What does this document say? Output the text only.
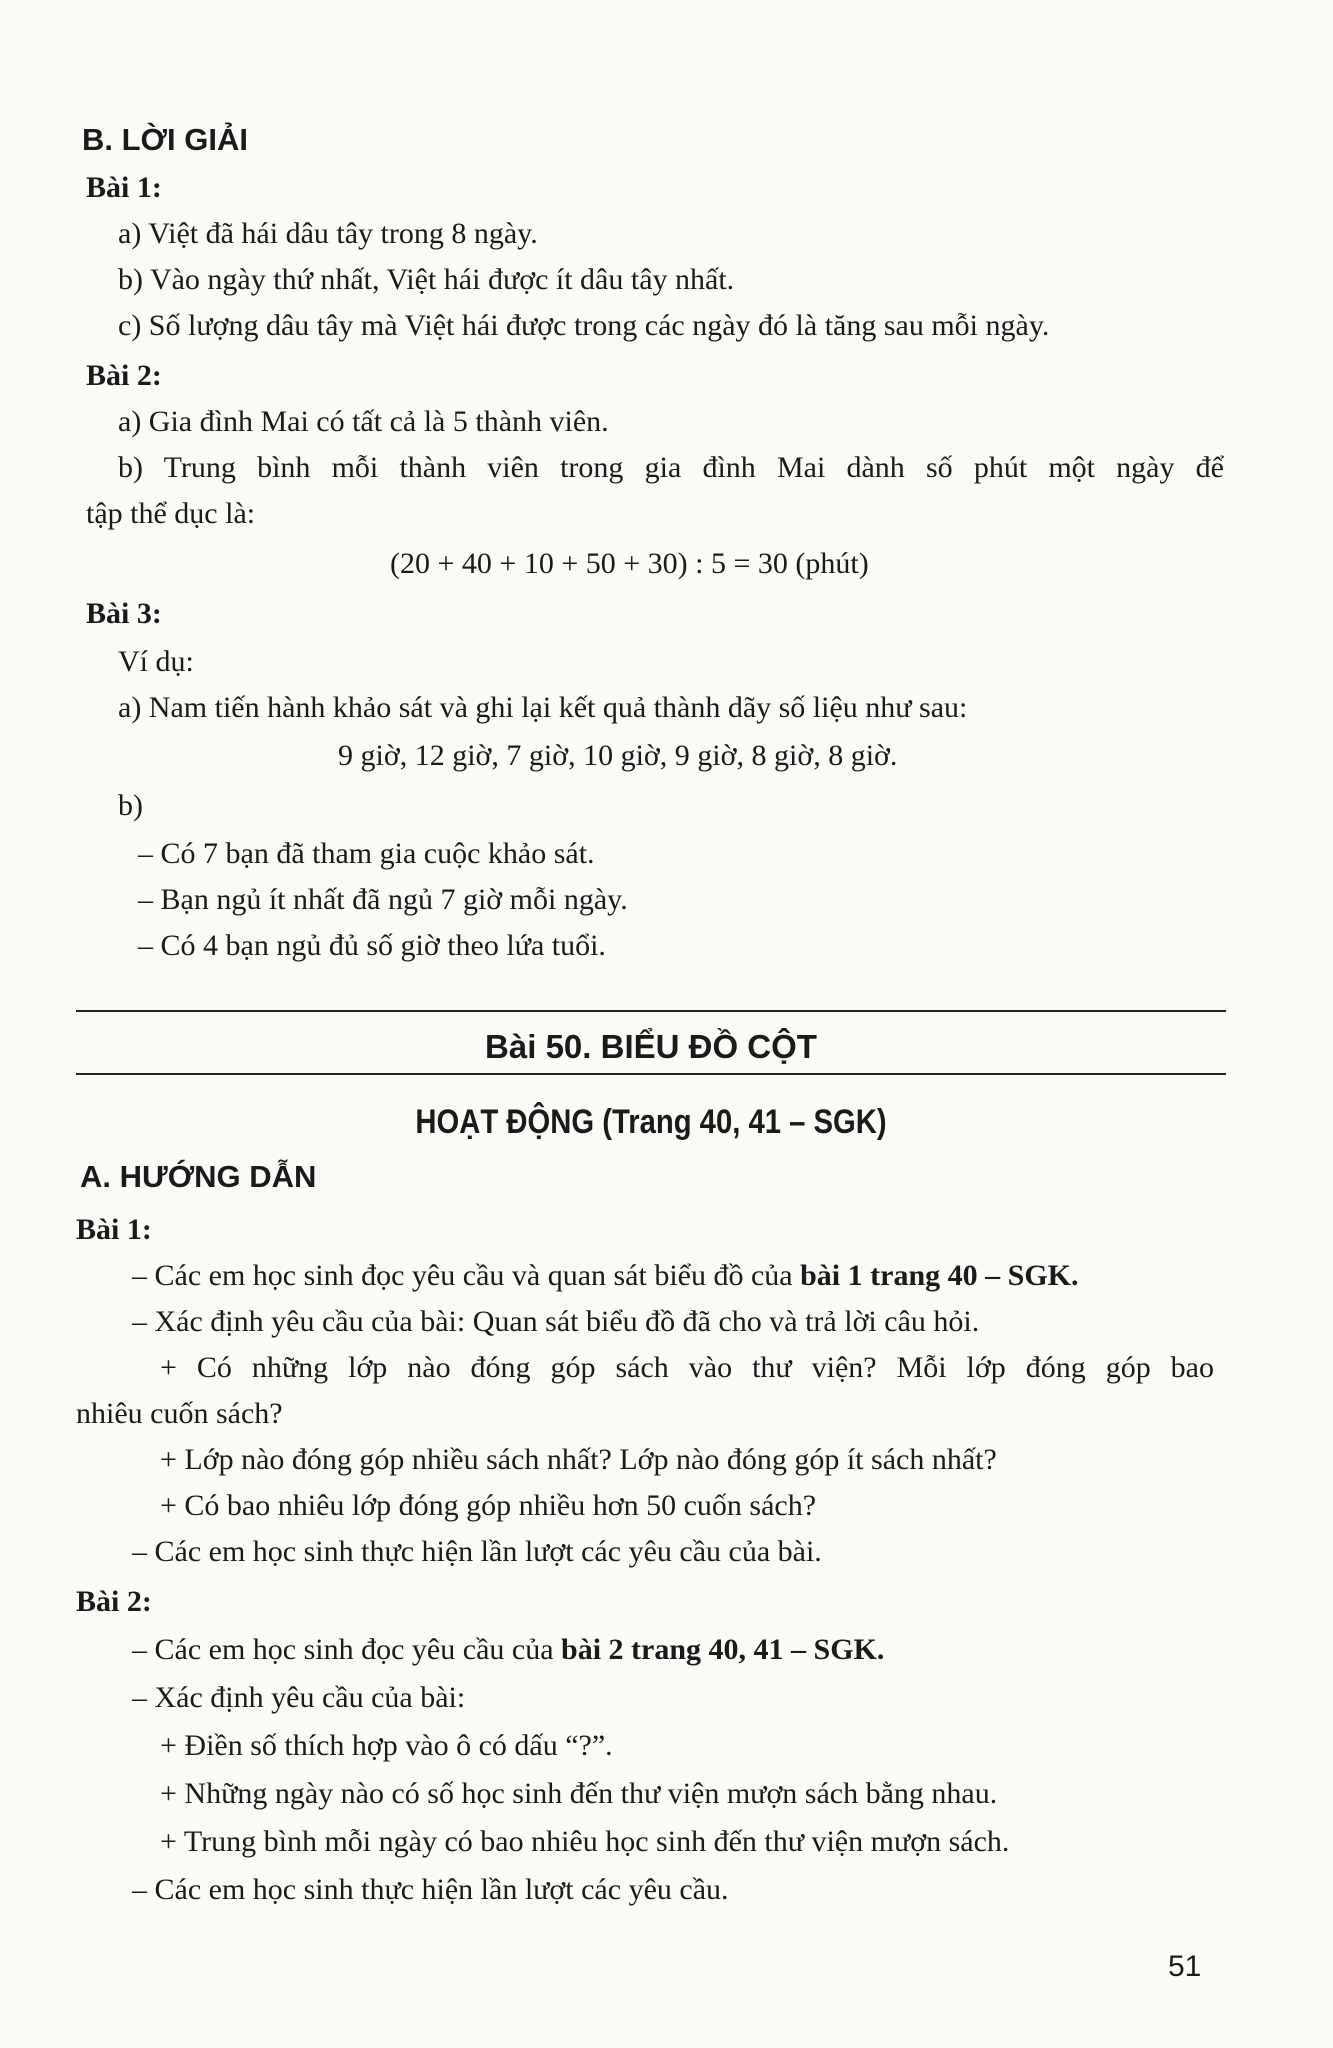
B. LỜI GIẢI
Bài 1:
a) Việt đã hái dâu tây trong 8 ngày.
b) Vào ngày thứ nhất, Việt hái được ít dâu tây nhất.
c) Số lượng dâu tây mà Việt hái được trong các ngày đó là tăng sau mỗi ngày.
Bài 2:
a) Gia đình Mai có tất cả là 5 thành viên.
b) Trung bình mỗi thành viên trong gia đình Mai dành số phút một ngày để
tập thể dục là:
(20 + 40 + 10 + 50 + 30) : 5 = 30 (phút)
Bài 3:
Ví dụ:
a) Nam tiến hành khảo sát và ghi lại kết quả thành dãy số liệu như sau:
9 giờ, 12 giờ, 7 giờ, 10 giờ, 9 giờ, 8 giờ, 8 giờ.
b)
– Có 7 bạn đã tham gia cuộc khảo sát.
– Bạn ngủ ít nhất đã ngủ 7 giờ mỗi ngày.
– Có 4 bạn ngủ đủ số giờ theo lứa tuổi.
Bài 50. BIỂU ĐỒ CỘT
HOẠT ĐỘNG (Trang 40, 41 – SGK)
A. HƯỚNG DẪN
Bài 1:
– Các em học sinh đọc yêu cầu và quan sát biểu đồ của bài 1 trang 40 – SGK.
– Xác định yêu cầu của bài: Quan sát biểu đồ đã cho và trả lời câu hỏi.
+ Có những lớp nào đóng góp sách vào thư viện? Mỗi lớp đóng góp bao
nhiêu cuốn sách?
+ Lớp nào đóng góp nhiều sách nhất? Lớp nào đóng góp ít sách nhất?
+ Có bao nhiêu lớp đóng góp nhiều hơn 50 cuốn sách?
– Các em học sinh thực hiện lần lượt các yêu cầu của bài.
Bài 2:
– Các em học sinh đọc yêu cầu của bài 2 trang 40, 41 – SGK.
– Xác định yêu cầu của bài:
+ Điền số thích hợp vào ô có dấu “?”.
+ Những ngày nào có số học sinh đến thư viện mượn sách bằng nhau.
+ Trung bình mỗi ngày có bao nhiêu học sinh đến thư viện mượn sách.
– Các em học sinh thực hiện lần lượt các yêu cầu.
51
